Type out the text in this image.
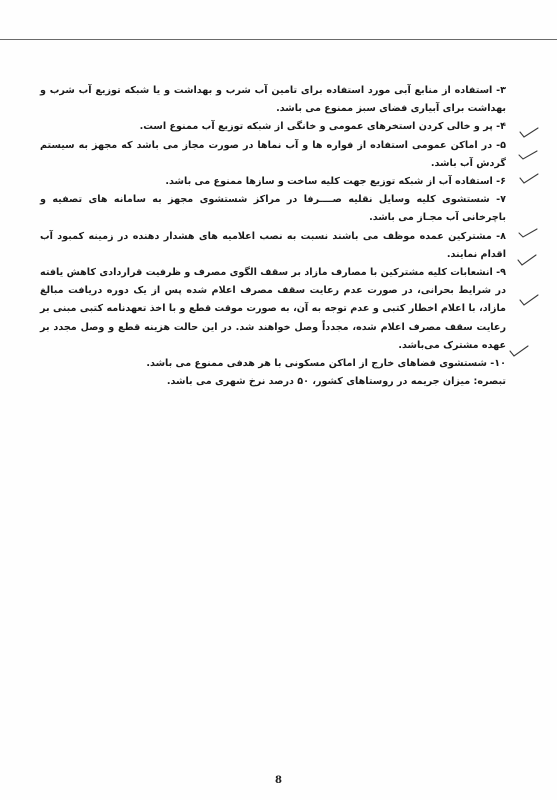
۳- استفاده از منابع آبی مورد استفاده برای تامین آب شرب و بهداشت و یا شبکه توزیع آب شرب و بهداشت برای آبیاری فضای سبز ممنوع می باشد.

۴- پر و خالی کردن استخرهای عمومی و خانگی از شبکه توزیع آب ممنوع است.

۵- در اماکن عمومی استفاده از فواره ها و آب نماها در صورت مجاز می باشد که مجهز به سیستم گردش آب باشد.

۶- استفاده آب از شبکه توزیع جهت کلیه ساخت و سازها ممنوع می باشد.

۷- شستشوی کلیه وسایل نقلیه صــــرفا در مراکز شستشوی مجهز به سامانه های تصفیه و باچرخانی آب مجـاز می باشد.

۸- مشترکین عمده موظف می باشند نسبت به نصب اعلامیه های هشدار دهنده در زمینه کمبود آب اقدام نمایند.

۹- انشعابات کلیه مشترکین با مصارف مازاد بر سقف الگوی مصرف و ظرفیت قراردادی کاهش یافته در شرایط بحرانی، در صورت عدم رعایت سقف مصرف اعلام شده پس از یک دوره دریافت مبالغ مازاد، با اعلام اخطار کتبی و عدم توجه به آن، به صورت موقت قطع و با اخذ تعهدنامه کتبی مبنی بر رعایت سقف مصرف اعلام شده، مجدداً وصل خواهند شد. در این حالت هزینه قطع و وصل مجدد بر عهده مشترک می‌باشد.

۱۰- شستشوی فضاهای خارج از اماکن مسکونی با هر هدفی ممنوع می باشد.

تبصره: میزان جریمه در روستاهای کشور، ۵۰ درصد نرخ شهری می باشد.

8
